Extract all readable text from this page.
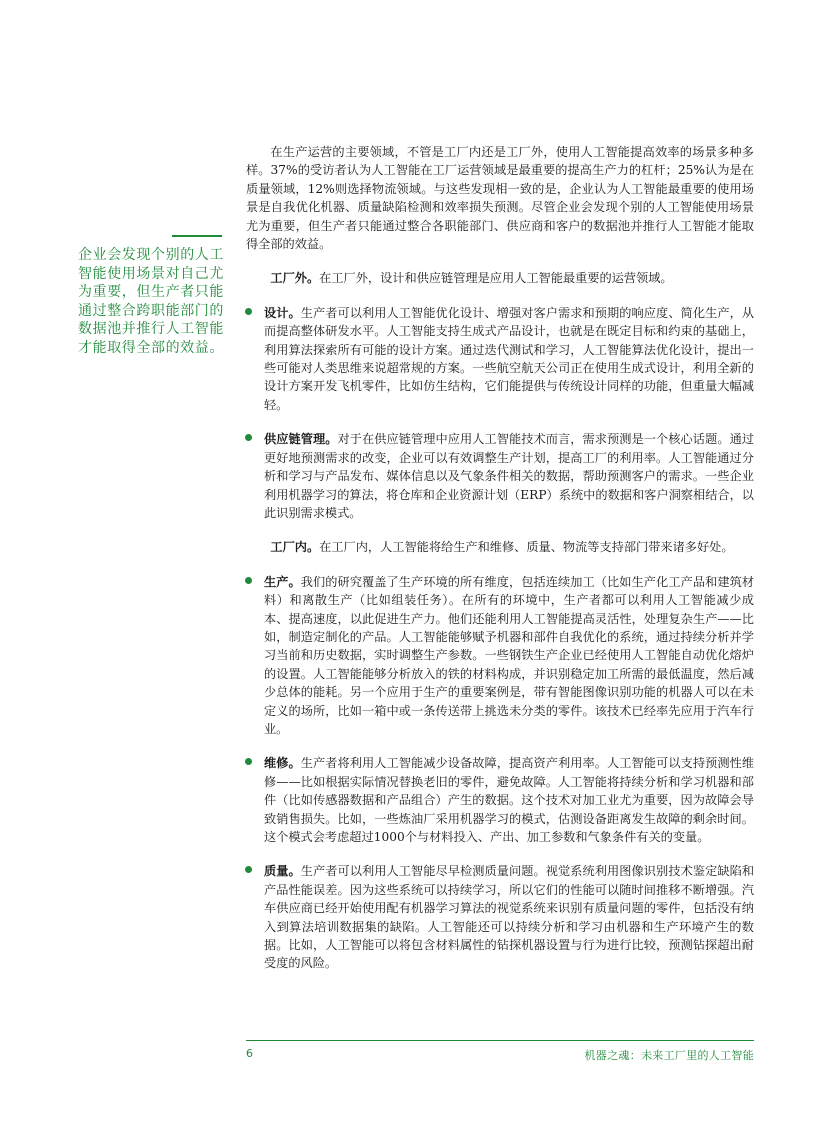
企业会发现个别的人工智能使用场景对自己尤为重要，但生产者只能通过整合跨职能部门的数据池并推行人工智能才能取得全部的效益。

在生产运营的主要领域，不管是工厂内还是工厂外，使用人工智能提高效率的场景多种多样。37%的受访者认为人工智能在工厂运营领域是最重要的提高生产力的杠杆；25%认为是在质量领域，12%则选择物流领域。与这些发现相一致的是，企业认为人工智能最重要的使用场景是自我优化机器、质量缺陷检测和效率损失预测。尽管企业会发现个别的人工智能使用场景尤为重要，但生产者只能通过整合各职能部门、供应商和客户的数据池并推行人工智能才能取得全部的效益。

工厂外。在工厂外，设计和供应链管理是应用人工智能最重要的运营领域。

设计。生产者可以利用人工智能优化设计、增强对客户需求和预期的响应度、简化生产，从而提高整体研发水平。人工智能支持生成式产品设计，也就是在既定目标和约束的基础上，利用算法探索所有可能的设计方案。通过迭代测试和学习，人工智能算法优化设计，提出一些可能对人类思维来说超常规的方案。一些航空航天公司正在使用生成式设计，利用全新的设计方案开发飞机零件，比如仿生结构，它们能提供与传统设计同样的功能，但重量大幅减轻。

供应链管理。对于在供应链管理中应用人工智能技术而言，需求预测是一个核心话题。通过更好地预测需求的改变，企业可以有效调整生产计划，提高工厂的利用率。人工智能通过分析和学习与产品发布、媒体信息以及气象条件相关的数据，帮助预测客户的需求。一些企业利用机器学习的算法，将仓库和企业资源计划（ERP）系统中的数据和客户洞察相结合，以此识别需求模式。

工厂内。在工厂内，人工智能将给生产和维修、质量、物流等支持部门带来诸多好处。

生产。我们的研究覆盖了生产环境的所有维度，包括连续加工（比如生产化工产品和建筑材料）和离散生产（比如组装任务）。在所有的环境中，生产者都可以利用人工智能减少成本、提高速度，以此促进生产力。他们还能利用人工智能提高灵活性，处理复杂生产——比如，制造定制化的产品。人工智能能够赋予机器和部件自我优化的系统，通过持续分析并学习当前和历史数据，实时调整生产参数。一些钢铁生产企业已经使用人工智能自动优化熔炉的设置。人工智能能够分析放入的铁的材料构成，并识别稳定加工所需的最低温度，然后减少总体的能耗。另一个应用于生产的重要案例是，带有智能图像识别功能的机器人可以在未定义的场所，比如一箱中或一条传送带上挑选未分类的零件。该技术已经率先应用于汽车行业。

维修。生产者将利用人工智能减少设备故障，提高资产利用率。人工智能可以支持预测性维修——比如根据实际情况替换老旧的零件，避免故障。人工智能将持续分析和学习机器和部件（比如传感器数据和产品组合）产生的数据。这个技术对加工业尤为重要，因为故障会导致销售损失。比如，一些炼油厂采用机器学习的模式，估测设备距离发生故障的剩余时间。这个模式会考虑超过1000个与材料投入、产出、加工参数和气象条件有关的变量。

质量。生产者可以利用人工智能尽早检测质量问题。视觉系统利用图像识别技术鉴定缺陷和产品性能误差。因为这些系统可以持续学习，所以它们的性能可以随时间推移不断增强。汽车供应商已经开始使用配有机器学习算法的视觉系统来识别有质量问题的零件，包括没有纳入到算法培训数据集的缺陷。人工智能还可以持续分析和学习由机器和生产环境产生的数据。比如，人工智能可以将包含材料属性的钻探机器设置与行为进行比较，预测钻探超出耐受度的风险。

6	机器之魂：未来工厂里的人工智能
